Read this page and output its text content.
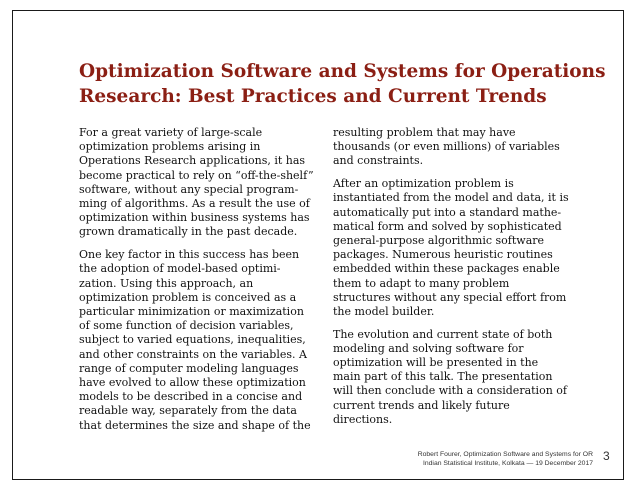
Optimization Software and Systems for Operations
Research: Best Practices and Current Trends

For a great variety of large-scale
optimization problems arising in
Operations Research applications, it has
become practical to rely on “off-the-shelf”
software, without any special program-
ming of algorithms. As a result the use of
optimization within business systems has
grown dramatically in the past decade.

One key factor in this success has been
the adoption of model-based optimi-
zation. Using this approach, an
optimization problem is conceived as a
particular minimization or maximization
of some function of decision variables,
subject to varied equations, inequalities,
and other constraints on the variables. A
range of computer modeling languages
have evolved to allow these optimization
models to be described in a concise and
readable way, separately from the data
that determines the size and shape of the

resulting problem that may have
thousands (or even millions) of variables
and constraints.

After an optimization problem is
instantiated from the model and data, it is
automatically put into a standard mathe-
matical form and solved by sophisticated
general-purpose algorithmic software
packages. Numerous heuristic routines
embedded within these packages enable
them to adapt to many problem
structures without any special effort from
the model builder.

The evolution and current state of both
modeling and solving software for
optimization will be presented in the
main part of this talk. The presentation
will then conclude with a consideration of
current trends and likely future
directions.

Robert Fourer, Optimization Software and Systems for OR
Indian Statistical Institute, Kolkata — 19 December 2017
3
